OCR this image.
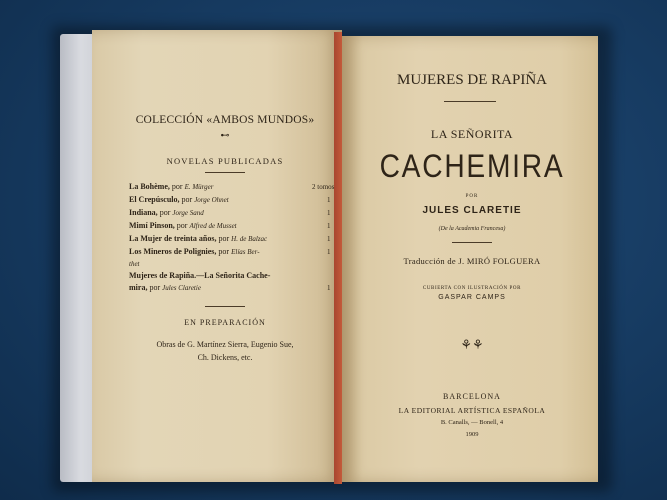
COLECCIÓN «AMBOS MUNDOS»
⊷
NOVELAS PUBLICADAS
La Bohème, por E. Mürger	2 tomos
El Crepúsculo, por Jorge Ohnet	1
Indiana, por Jorge Sand	1
Mimí Pinson, por Alfred de Musset	1
La Mujer de treinta años, por H. de Balzac	1
Los Mineros de Polignies, por Elías Ber-	1
thet
Mujeres de Rapiña.—La Señorita Cache-
mira, por Jules Claretie	1
EN PREPARACIÓN
Obras de G. Martínez Sierra, Eugenio Sue,
Ch. Dickens, etc.
MUJERES DE RAPIÑA
LA SEÑORITA
CACHEMIRA
POR
JULES CLARETIE
(De la Academia Francesa)
Traducción de J. MIRÓ FOLGUERA
CUBIERTA CON ILUSTRACIÓN POR
GASPAR CAMPS
⚘⚘
BARCELONA
LA EDITORIAL ARTÍSTICA ESPAÑOLA
B. Canalls, — Bonell, 4
1909
